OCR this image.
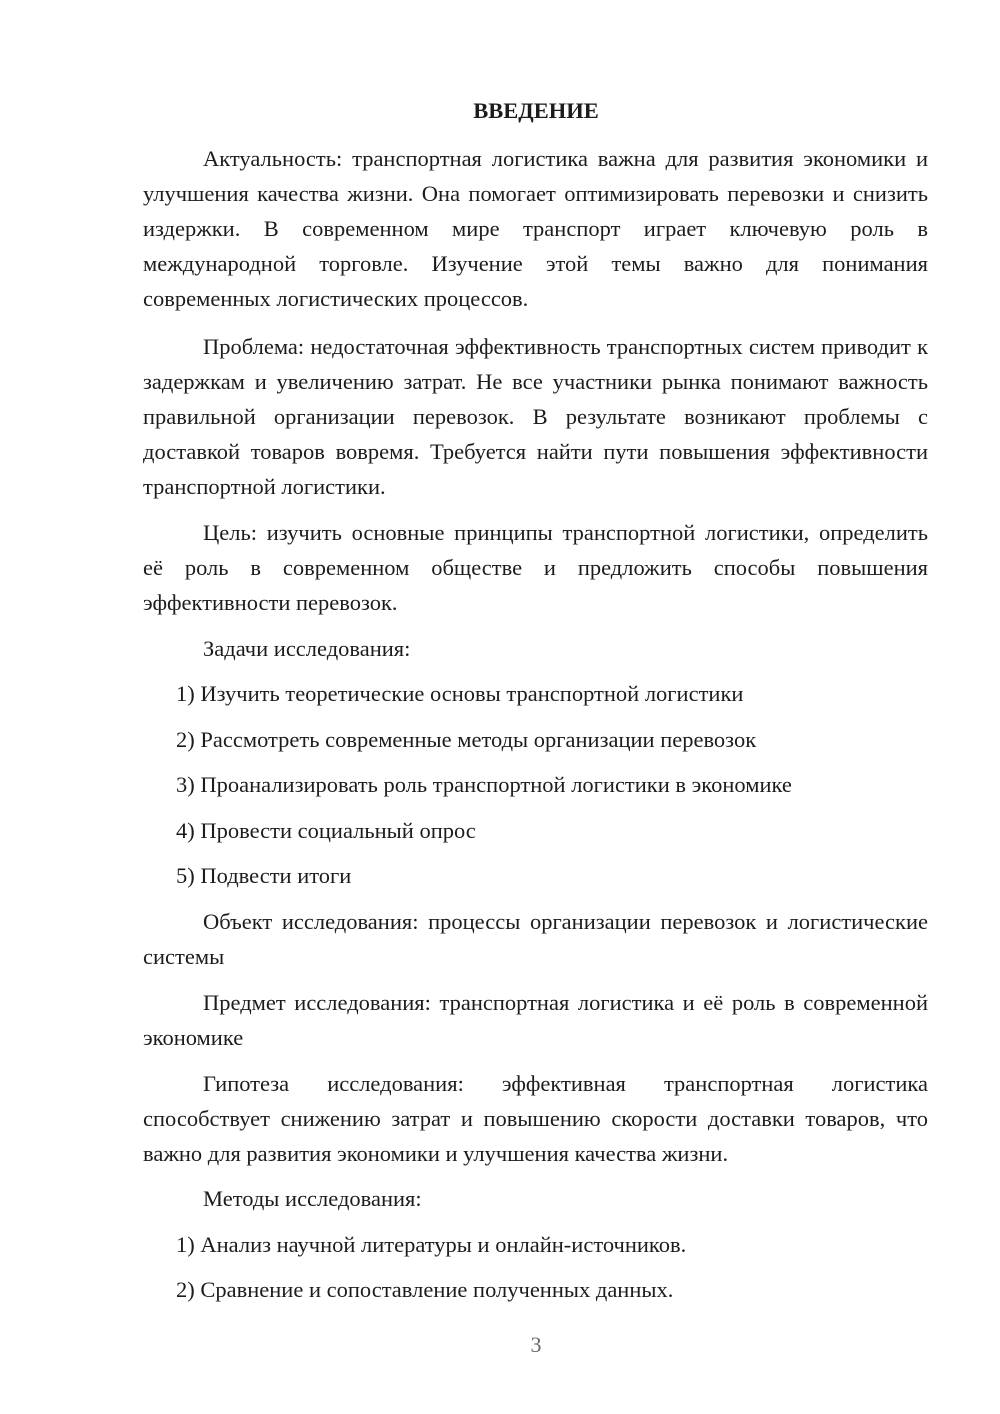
ВВЕДЕНИЕ

Актуальность: транспортная логистика важна для развития экономики и улучшения качества жизни. Она помогает оптимизировать перевозки и снизить издержки. В современном мире транспорт играет ключевую роль в международной торговле. Изучение этой темы важно для понимания современных логистических процессов.

Проблема: недостаточная эффективность транспортных систем приводит к задержкам и увеличению затрат. Не все участники рынка понимают важность правильной организации перевозок. В результате возникают проблемы с доставкой товаров вовремя. Требуется найти пути повышения эффективности транспортной логистики.

Цель: изучить основные принципы транспортной логистики, определить её роль в современном обществе и предложить способы повышения эффективности перевозок.

Задачи исследования:

1) Изучить теоретические основы транспортной логистики

2) Рассмотреть современные методы организации перевозок

3) Проанализировать роль транспортной логистики в экономике

4) Провести социальный опрос

5) Подвести итоги

Объект исследования: процессы организации перевозок и логистические системы

Предмет исследования: транспортная логистика и её роль в современной экономике

Гипотеза исследования: эффективная транспортная логистика способствует снижению затрат и повышению скорости доставки товаров, что важно для развития экономики и улучшения качества жизни.

Методы исследования:

1) Анализ научной литературы и онлайн-источников.

2) Сравнение и сопоставление полученных данных.

3
